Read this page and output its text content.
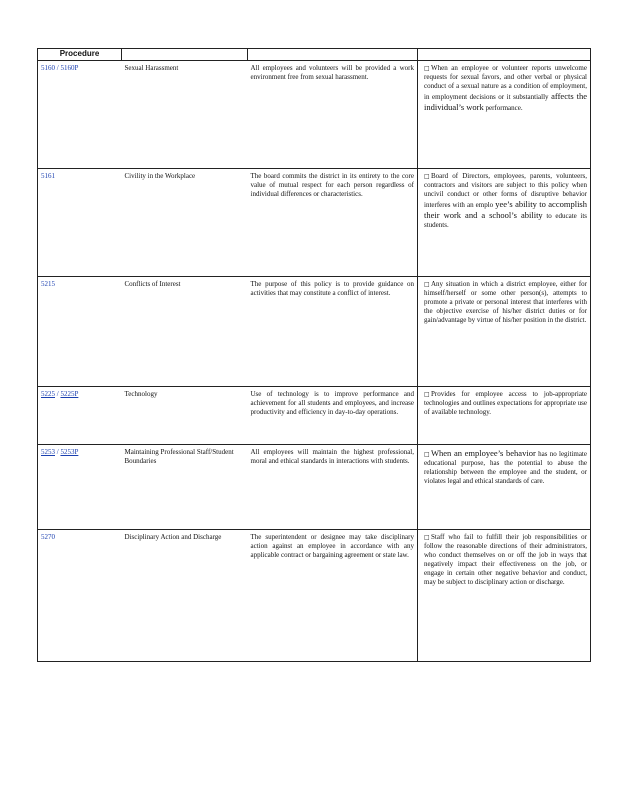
Procedure			
5160 / 5160P	Sexual Harassment	All employees and volunteers will be provided a work environment free from sexual harassment.	□When an employee or volunteer reports unwelcome requests for sexual favors, and other verbal or physical conduct of a sexual nature as a condition of employment, in employment decisions or it substantially affects the individual’s work performance.
5161	Civility in the Workplace	The board commits the district in its entirety to the core value of mutual respect for each person regardless of individual differences or characteristics.	□Board of Directors, employees, parents, volunteers, contractors and visitors are subject to this policy when uncivil conduct or other forms of disruptive behavior interferes with an emplo yee’s ability to accomplish their work and a school’s ability to educate its students.
5215	Conflicts of Interest	The purpose of this policy is to provide guidance on activities that may constitute a conflict of interest.	□Any situation in which a district employee, either for himself/herself or some other person(s), attempts to promote a private or personal interest that interferes with the objective exercise of his/her district duties or for gain/advantage by virtue of his/her position in the district.
5225 / 5225P	Technology	Use of technology is to improve performance and achievement for all students and employees, and increase productivity and efficiency in day-to-day operations.	□Provides for employee access to job-appropriate technologies and outlines expectations for appropriate use of available technology.
5253 / 5253P	Maintaining Professional Staff/Student Boundaries	All employees will maintain the highest professional, moral and ethical standards in interactions with students.	□When an employee’s behavior has no legitimate educational purpose, has the potential to abuse the relationship between the employee and the student, or violates legal and ethical standards of care.
5270	Disciplinary Action and Discharge	The superintendent or designee may take disciplinary action against an employee in accordance with any applicable contract or bargaining agreement or state law.	□Staff who fail to fulfill their job responsibilities or follow the reasonable directions of their administrators, who conduct themselves on or off the job in ways that negatively impact their effectiveness on the job, or engage in certain other negative behavior and conduct, may be subject to disciplinary action or discharge.
